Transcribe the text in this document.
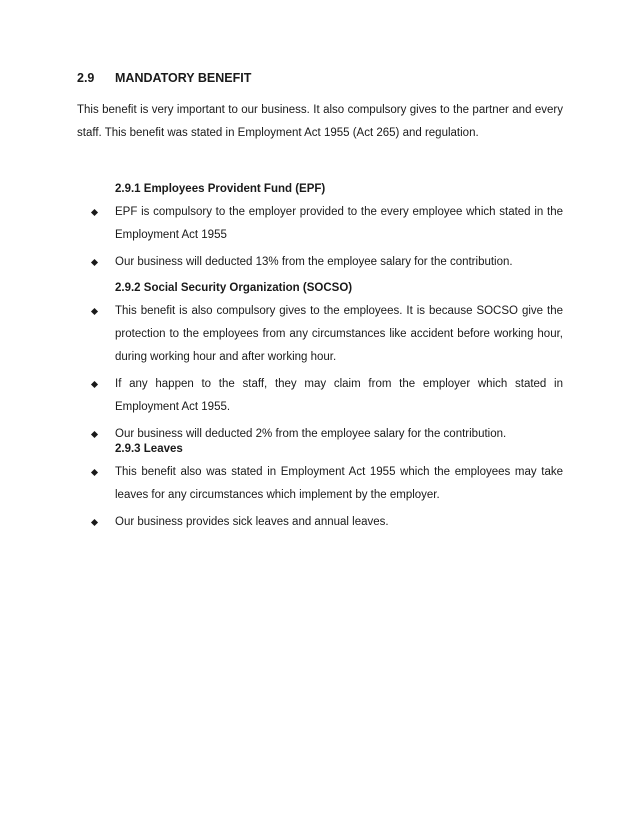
2.9	MANDATORY BENEFIT

This benefit is very important to our business. It also compulsory gives to the partner and every staff. This benefit was stated in Employment Act 1955 (Act 265) and regulation.

2.9.1 Employees Provident Fund (EPF)
EPF is compulsory to the employer provided to the every employee which stated in the Employment Act 1955
Our business will deducted 13% from the employee salary for the contribution.
2.9.2 Social Security Organization (SOCSO)
This benefit is also compulsory gives to the employees. It is because SOCSO give the protection to the employees from any circumstances like accident before working hour, during working hour and after working hour.
If any happen to the staff, they may claim from the employer which stated in Employment Act 1955.
Our business will deducted 2% from the employee salary for the contribution.
2.9.3 Leaves
This benefit also was stated in Employment Act 1955 which the employees may take leaves for any circumstances which implement by the employer.
Our business provides sick leaves and annual leaves.
